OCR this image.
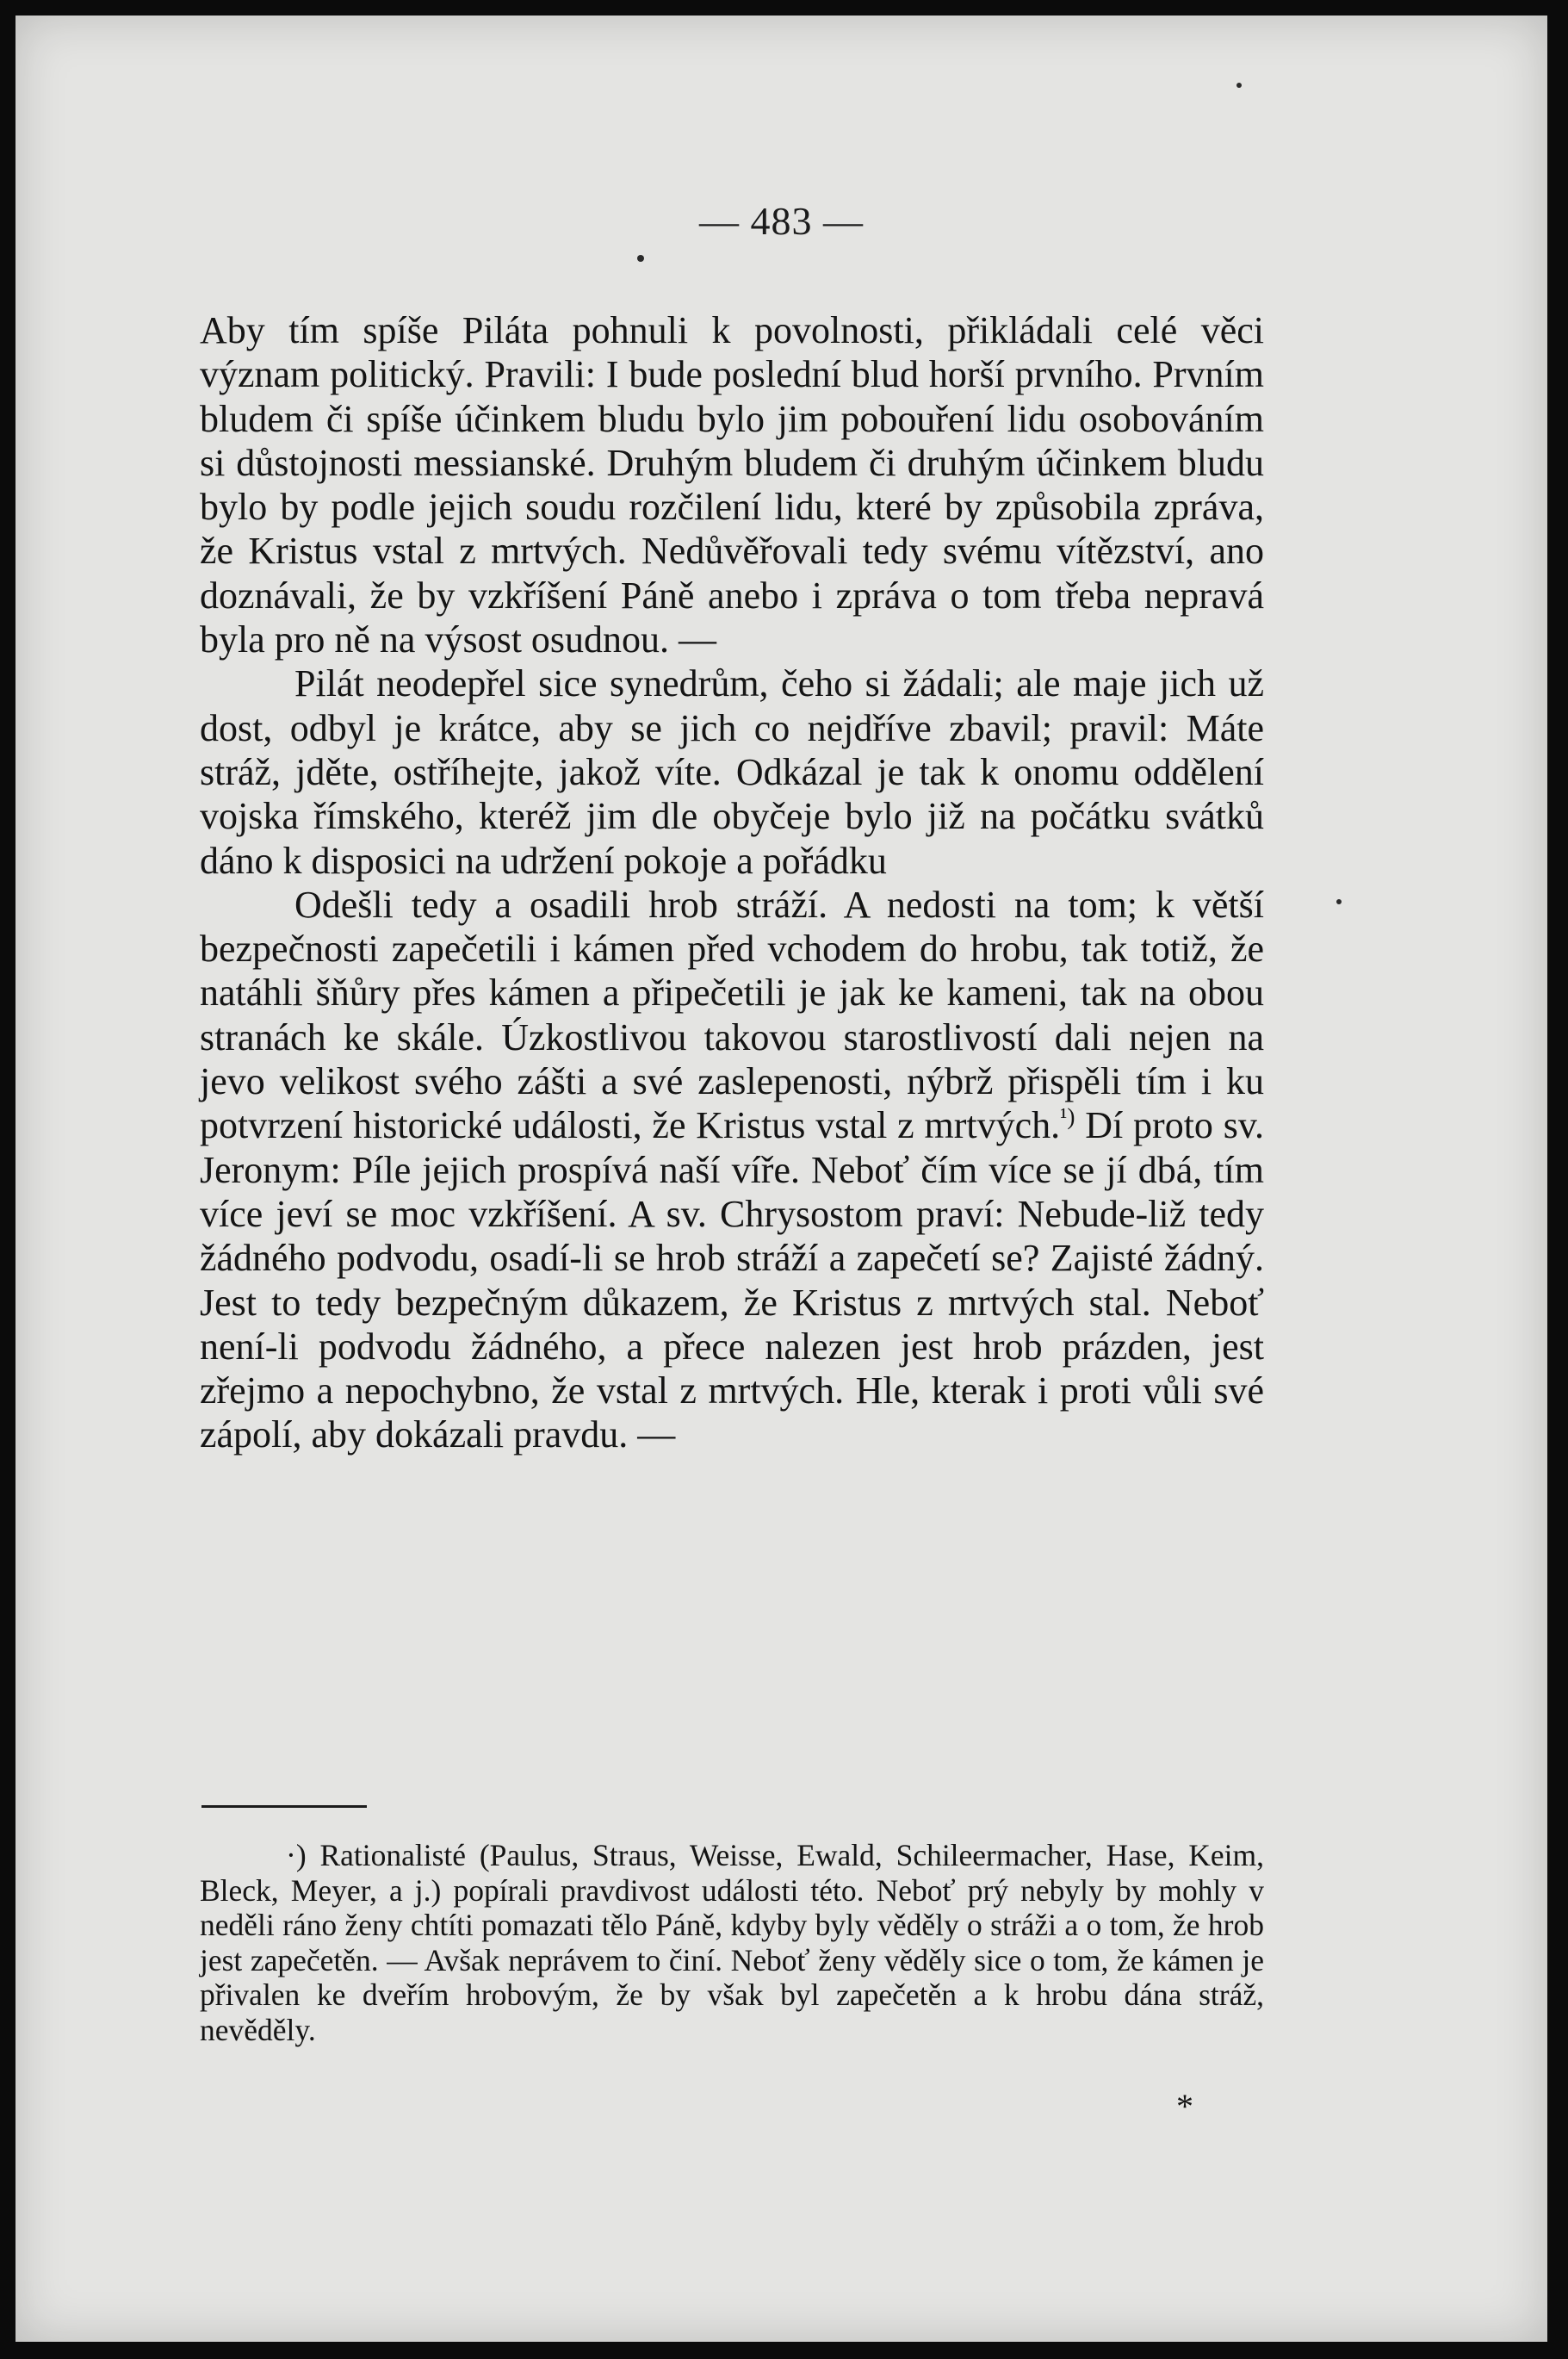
— 483 —

Aby tím spíše Piláta pohnuli k povolnosti, přikládali celé věci význam politický. Pravili: I bude poslední blud horší prvního. Prvním bludem či spíše účinkem bludu bylo jim pobouření lidu osobováním si důstojnosti messianské. Druhým bludem či druhým účinkem bludu bylo by podle jejich soudu rozčilení lidu, které by způsobila zpráva, že Kristus vstal z mrtvých. Nedůvěřovali tedy svému vítězství, ano doznávali, že by vzkříšení Páně anebo i zpráva o tom třeba nepravá byla pro ně na výsost osudnou. —

Pilát neodepřel sice synedrům, čeho si žádali; ale maje jich už dost, odbyl je krátce, aby se jich co nejdříve zbavil; pravil: Máte stráž, jděte, ostříhejte, jakož víte. Odkázal je tak k onomu oddělení vojska římského, kteréž jim dle obyčeje bylo již na počátku svátků dáno k disposici na udržení pokoje a pořádku

Odešli tedy a osadili hrob stráží. A nedosti na tom; k větší bezpečnosti zapečetili i kámen před vchodem do hrobu, tak totiž, že natáhli šňůry přes kámen a připečetili je jak ke kameni, tak na obou stranách ke skále. Úzkostlivou takovou starostlivostí dali nejen na jevo velikost svého zášti a své zaslepenosti, nýbrž přispěli tím i ku potvrzení historické události, že Kristus vstal z mrtvých.$^{^1)}$ Dí proto sv. Jeronym: Píle jejich prospívá naší víře. Neboť čím více se jí dbá, tím více jeví se moc vzkříšení. A sv. Chrysostom praví: Nebude-liž tedy žádného podvodu, osadí-li se hrob stráží a zapečetí se? Zajisté žádný. Jest to tedy bezpečným důkazem, že Kristus z mrtvých stal. Neboť není-li podvodu žádného, a přece nalezen jest hrob prázden, jest zřejmo a nepochybno, že vstal z mrtvých. Hle, kterak i proti vůli své zápolí, aby dokázali pravdu. —

·) Rationalisté (Paulus, Straus, Weisse, Ewald, Schileermacher, Hase, Keim, Bleck, Meyer, a j.) popírali pravdivost události této. Neboť prý nebyly by mohly v neděli ráno ženy chtíti pomazati tělo Páně, kdyby byly věděly o stráži a o tom, že hrob jest zapečetěn. — Avšak neprávem to činí. Neboť ženy věděly sice o tom, že kámen je přivalen ke dveřím hrobovým, že by však byl zapečetěn a k hrobu dána stráž, nevěděly.

*
